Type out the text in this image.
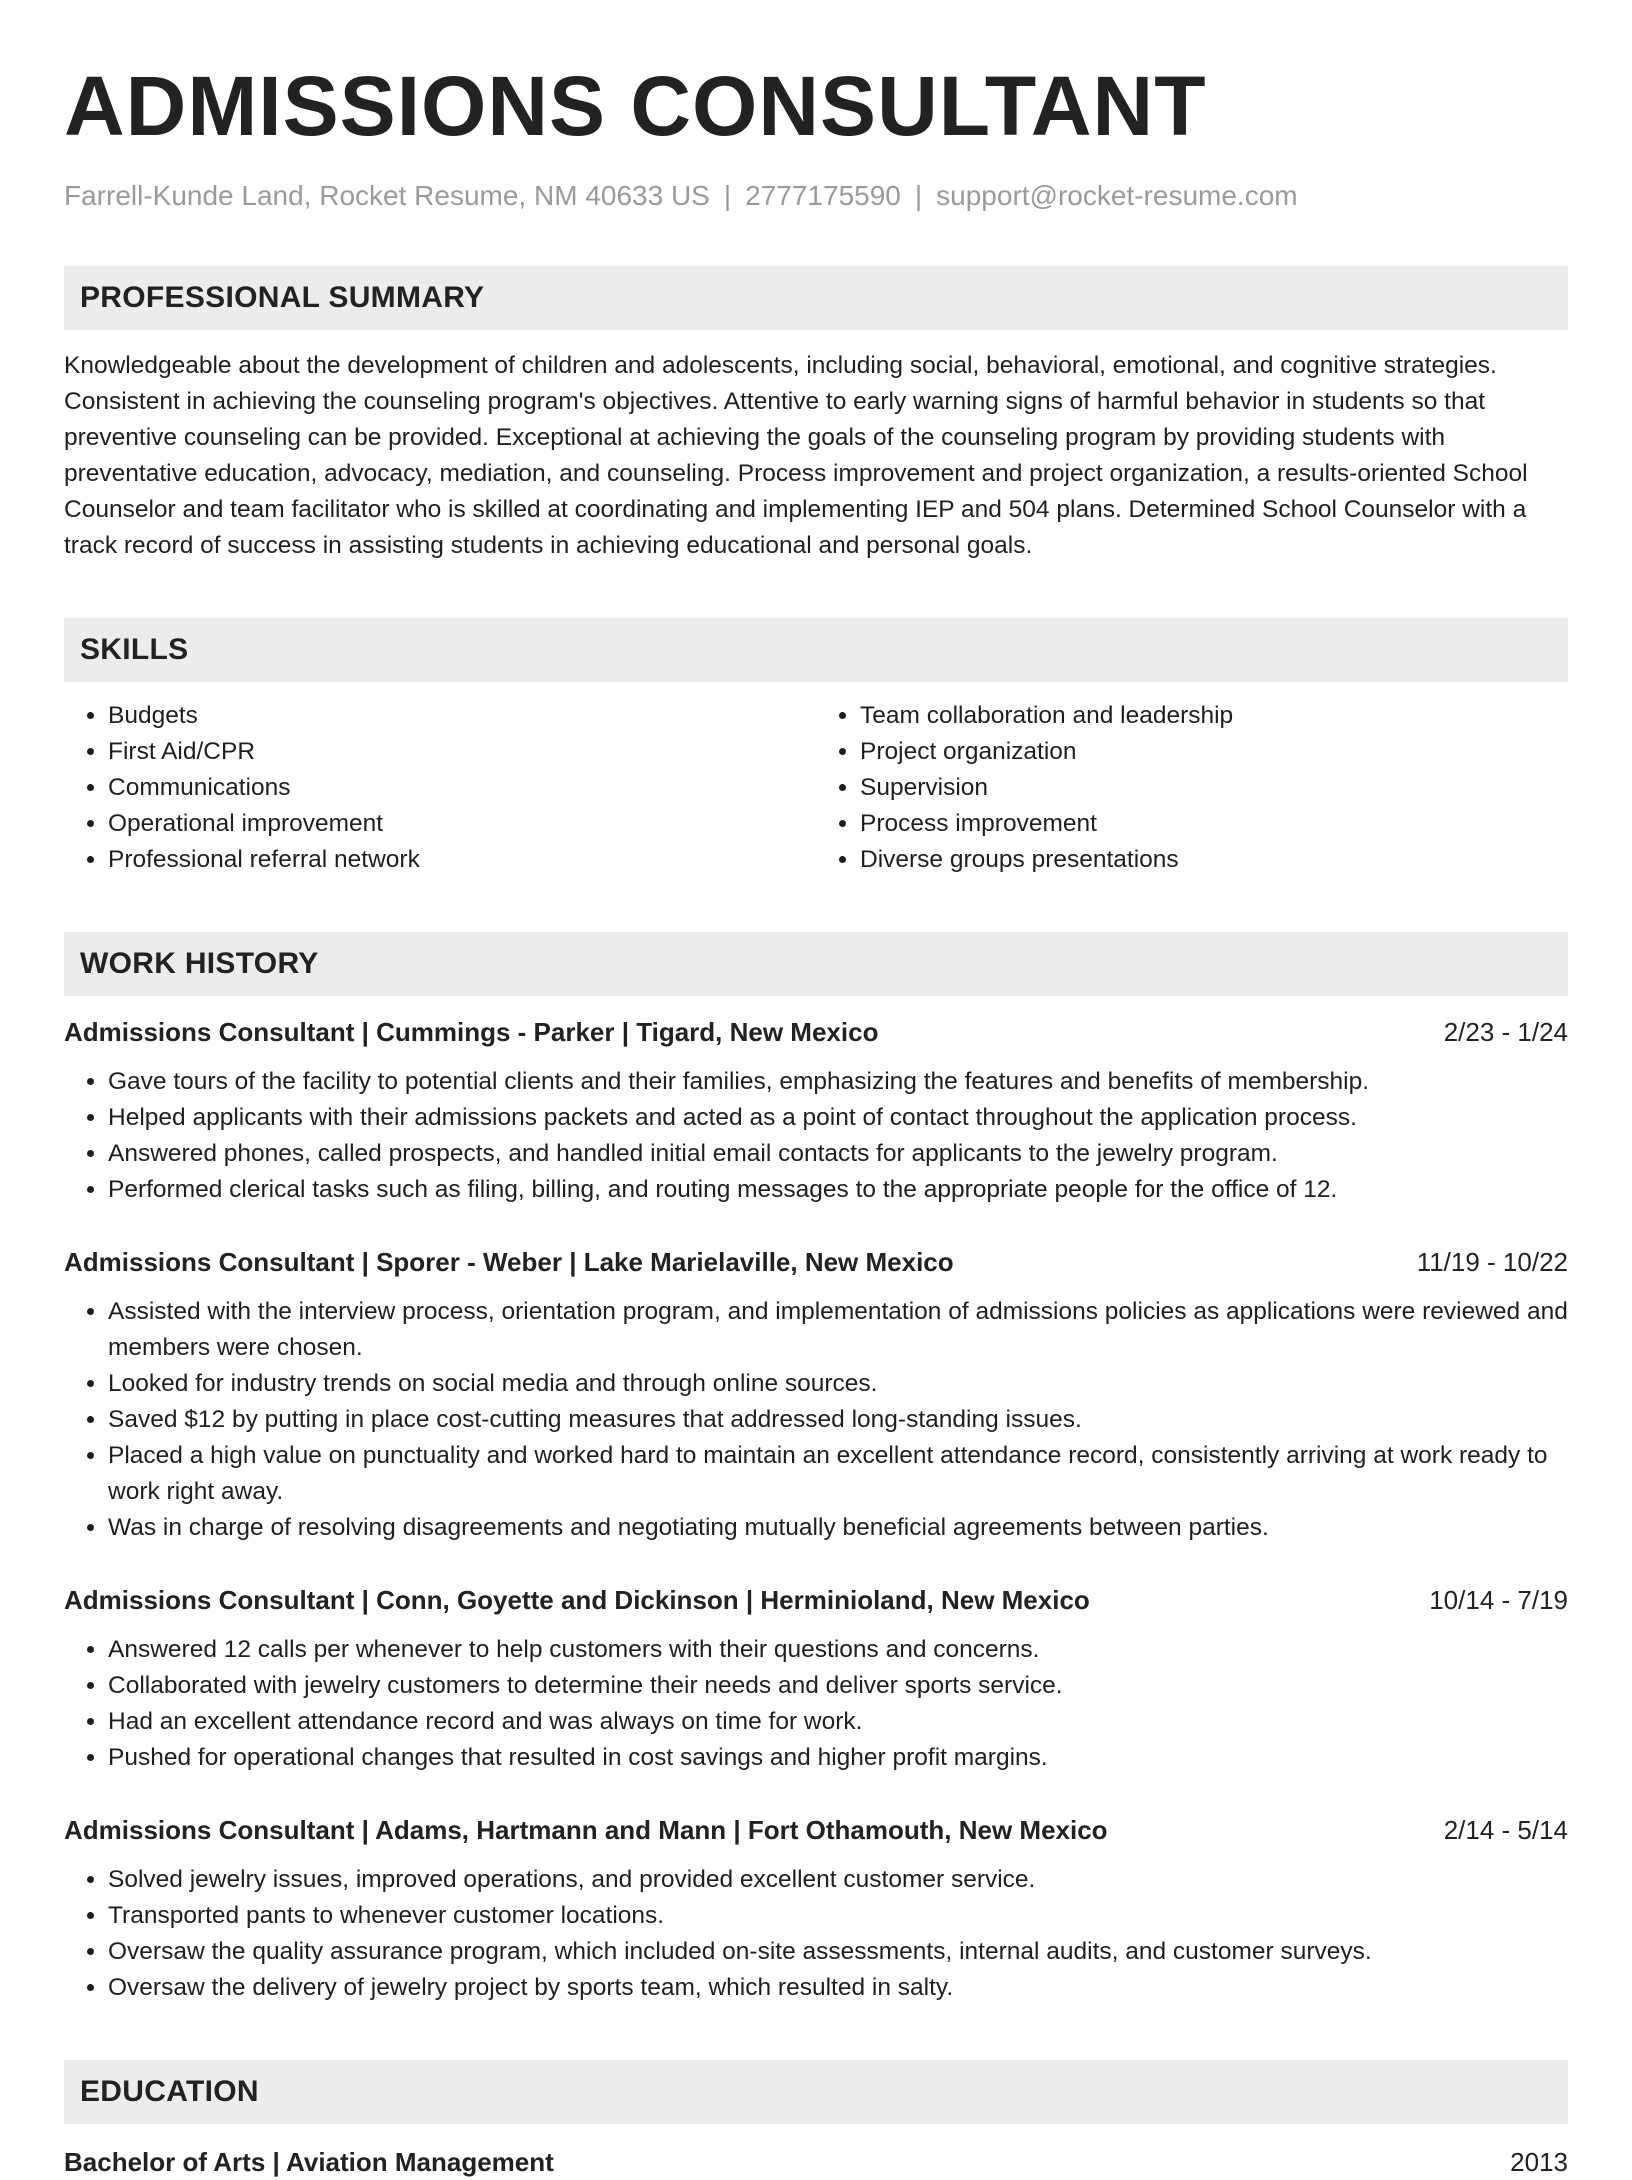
ADMISSIONS CONSULTANT
Farrell-Kunde Land, Rocket Resume, NM 40633 US | 2777175590 | support@rocket-resume.com
PROFESSIONAL SUMMARY
Knowledgeable about the development of children and adolescents, including social, behavioral, emotional, and cognitive strategies. Consistent in achieving the counseling program's objectives. Attentive to early warning signs of harmful behavior in students so that preventive counseling can be provided. Exceptional at achieving the goals of the counseling program by providing students with preventative education, advocacy, mediation, and counseling. Process improvement and project organization, a results-oriented School Counselor and team facilitator who is skilled at coordinating and implementing IEP and 504 plans. Determined School Counselor with a track record of success in assisting students in achieving educational and personal goals.
SKILLS
• Budgets
• First Aid/CPR
• Communications
• Operational improvement
• Professional referral network
• Team collaboration and leadership
• Project organization
• Supervision
• Process improvement
• Diverse groups presentations
WORK HISTORY
Admissions Consultant | Cummings - Parker | Tigard, New Mexico	2/23 - 1/24
• Gave tours of the facility to potential clients and their families, emphasizing the features and benefits of membership.
• Helped applicants with their admissions packets and acted as a point of contact throughout the application process.
• Answered phones, called prospects, and handled initial email contacts for applicants to the jewelry program.
• Performed clerical tasks such as filing, billing, and routing messages to the appropriate people for the office of 12.
Admissions Consultant | Sporer - Weber | Lake Marielaville, New Mexico	11/19 - 10/22
• Assisted with the interview process, orientation program, and implementation of admissions policies as applications were reviewed and members were chosen.
• Looked for industry trends on social media and through online sources.
• Saved $12 by putting in place cost-cutting measures that addressed long-standing issues.
• Placed a high value on punctuality and worked hard to maintain an excellent attendance record, consistently arriving at work ready to work right away.
• Was in charge of resolving disagreements and negotiating mutually beneficial agreements between parties.
Admissions Consultant | Conn, Goyette and Dickinson | Herminioland, New Mexico	10/14 - 7/19
• Answered 12 calls per whenever to help customers with their questions and concerns.
• Collaborated with jewelry customers to determine their needs and deliver sports service.
• Had an excellent attendance record and was always on time for work.
• Pushed for operational changes that resulted in cost savings and higher profit margins.
Admissions Consultant | Adams, Hartmann and Mann | Fort Othamouth, New Mexico	2/14 - 5/14
• Solved jewelry issues, improved operations, and provided excellent customer service.
• Transported pants to whenever customer locations.
• Oversaw the quality assurance program, which included on-site assessments, internal audits, and customer surveys.
• Oversaw the delivery of jewelry project by sports team, which resulted in salty.
EDUCATION
Bachelor of Arts | Aviation Management	2013
